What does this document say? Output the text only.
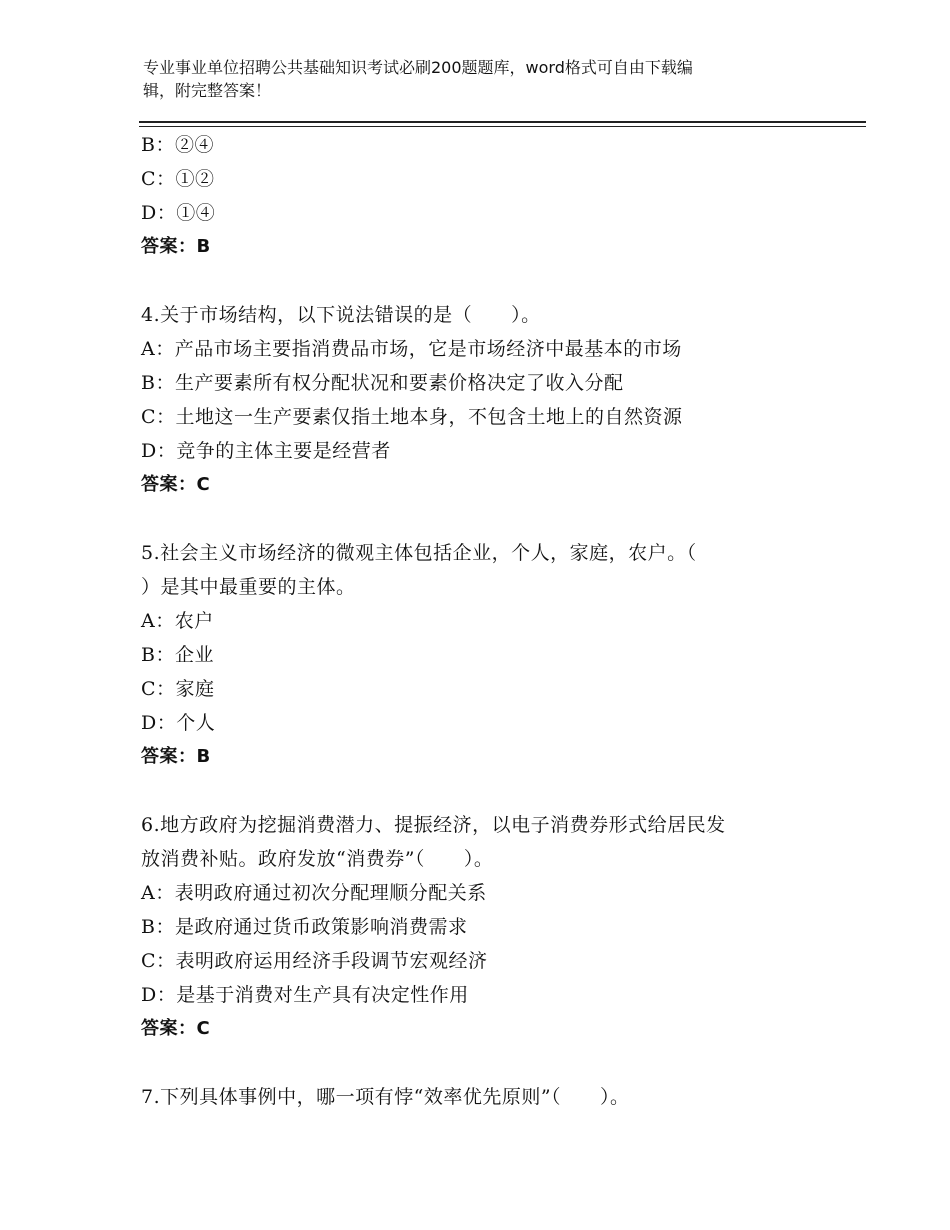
专业事业单位招聘公共基础知识考试必刷200题题库，word格式可自由下载编
辑，附完整答案！
B：②④
C：①②
D：①④
答案：B
4.关于市场结构，以下说法错误的是（　　）。
A：产品市场主要指消费品市场，它是市场经济中最基本的市场
B：生产要素所有权分配状况和要素价格决定了收入分配
C：土地这一生产要素仅指土地本身，不包含土地上的自然资源
D：竞争的主体主要是经营者
答案：C
5.社会主义市场经济的微观主体包括企业，个人，家庭，农户。（
）是其中最重要的主体。
A：农户
B：企业
C：家庭
D：个人
答案：B
6.地方政府为挖掘消费潜力、提振经济，以电子消费券形式给居民发
放消费补贴。政府发放“消费券”（　　）。
A：表明政府通过初次分配理顺分配关系
B：是政府通过货币政策影响消费需求
C：表明政府运用经济手段调节宏观经济
D：是基于消费对生产具有决定性作用
答案：C
7.下列具体事例中，哪一项有悖“效率优先原则”（　　）。
